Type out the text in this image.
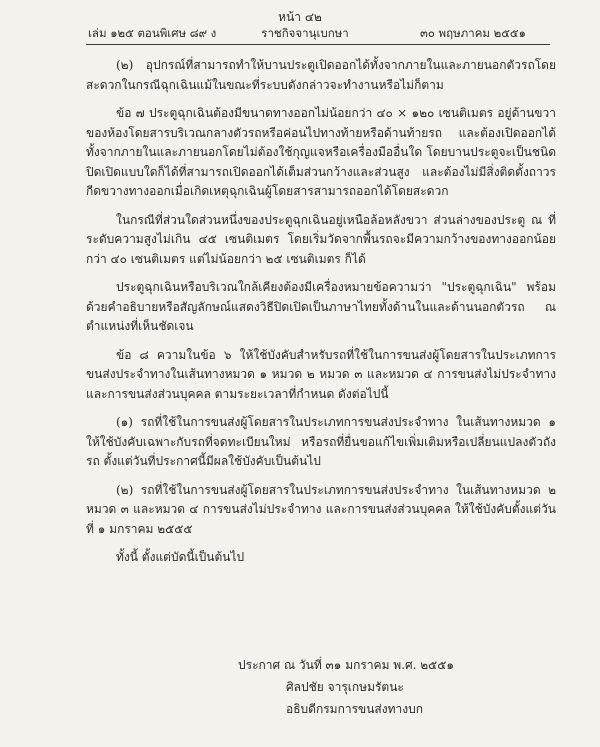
หน้า ๔๒
เล่ม ๑๒๕ ตอนพิเศษ ๘๙ ง	ราชกิจจานุเบกษา	๓๐ พฤษภาคม ๒๕๕๑

(๒) อุปกรณ์ที่สามารถทำให้บานประตูเปิดออกได้ทั้งจากภายในและภายนอกตัวรถโดยสะดวกในกรณีฉุกเฉินแม้ในขณะที่ระบบดังกล่าวจะทำงานหรือไม่ก็ตาม

ข้อ ๗ ประตูฉุกเฉินต้องมีขนาดทางออกไม่น้อยกว่า ๔๐ × ๑๒๐ เซนติเมตร อยู่ด้านขวาของห้องโดยสารบริเวณกลางตัวรถหรือค่อนไปทางท้ายหรือด้านท้ายรถ และต้องเปิดออกได้ทั้งจากภายในและภายนอกโดยไม่ต้องใช้กุญแจหรือเครื่องมืออื่นใด โดยบานประตูจะเป็นชนิดปิดเปิดแบบใดก็ได้ที่สามารถเปิดออกได้เต็มส่วนกว้างและส่วนสูง และต้องไม่มีสิ่งติดตั้งถาวรกีดขวางทางออกเมื่อเกิดเหตุฉุกเฉินผู้โดยสารสามารถออกได้โดยสะดวก

ในกรณีที่ส่วนใดส่วนหนึ่งของประตูฉุกเฉินอยู่เหนือล้อหลังขวา ส่วนล่างของประตู ณ ที่ระดับความสูงไม่เกิน ๔๕ เซนติเมตร โดยเริ่มวัดจากพื้นรถจะมีความกว้างของทางออกน้อยกว่า ๔๐ เซนติเมตร แต่ไม่น้อยกว่า ๒๕ เซนติเมตร ก็ได้

ประตูฉุกเฉินหรือบริเวณใกล้เคียงต้องมีเครื่องหมายข้อความว่า "ประตูฉุกเฉิน" พร้อมด้วยคำอธิบายหรือสัญลักษณ์แสดงวิธีปิดเปิดเป็นภาษาไทยทั้งด้านในและด้านนอกตัวรถ ณ ตำแหน่งที่เห็นชัดเจน

ข้อ ๘ ความในข้อ ๖ ให้ใช้บังคับสำหรับรถที่ใช้ในการขนส่งผู้โดยสารในประเภทการขนส่งประจำทางในเส้นทางหมวด ๑ หมวด ๒ หมวด ๓ และหมวด ๔ การขนส่งไม่ประจำทาง และการขนส่งส่วนบุคคล ตามระยะเวลาที่กำหนด ดังต่อไปนี้

(๑) รถที่ใช้ในการขนส่งผู้โดยสารในประเภทการขนส่งประจำทาง ในเส้นทางหมวด ๑ ให้ใช้บังคับเฉพาะกับรถที่จดทะเบียนใหม่ หรือรถที่ยื่นขอแก้ไขเพิ่มเติมหรือเปลี่ยนแปลงตัวถังรถ ตั้งแต่วันที่ประกาศนี้มีผลใช้บังคับเป็นต้นไป

(๒) รถที่ใช้ในการขนส่งผู้โดยสารในประเภทการขนส่งประจำทาง ในเส้นทางหมวด ๒ หมวด ๓ และหมวด ๔ การขนส่งไม่ประจำทาง และการขนส่งส่วนบุคคล ให้ใช้บังคับตั้งแต่วันที่ ๑ มกราคม ๒๕๕๕

ทั้งนี้ ตั้งแต่บัดนี้เป็นต้นไป

ประกาศ ณ วันที่ ๓๑ มกราคม พ.ศ. ๒๕๕๑
ศิลปชัย จารุเกษมรัตนะ
อธิบดีกรมการขนส่งทางบก
